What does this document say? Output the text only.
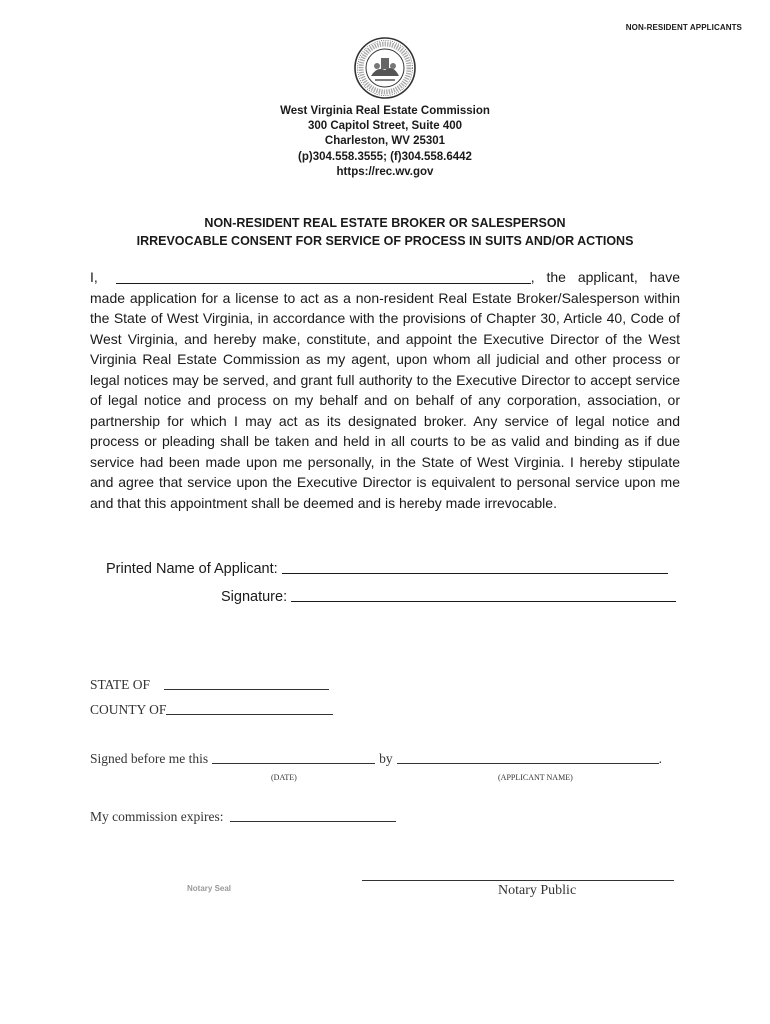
NON-RESIDENT APPLICANTS
West Virginia Real Estate Commission
300 Capitol Street, Suite 400
Charleston, WV 25301
(p)304.558.3555; (f)304.558.6442
https://rec.wv.gov
NON-RESIDENT REAL ESTATE BROKER OR SALESPERSON
IRREVOCABLE CONSENT FOR SERVICE OF PROCESS IN SUITS AND/OR ACTIONS
I,	, the applicant, have made application for a license to act as a non-resident Real Estate Broker/Salesperson within the State of West Virginia, in accordance with the provisions of Chapter 30, Article 40, Code of West Virginia, and hereby make, constitute, and appoint the Executive Director of the West Virginia Real Estate Commission as my agent, upon whom all judicial and other process or legal notices may be served, and grant full authority to the Executive Director to accept service of legal notice and process on my behalf and on behalf of any corporation, association, or partnership for which I may act as its designated broker. Any service of legal notice and process or pleading shall be taken and held in all courts to be as valid and binding as if due service had been made upon me personally, in the State of West Virginia. I hereby stipulate and agree that service upon the Executive Director is equivalent to personal service upon me and that this appointment shall be deemed and is hereby made irrevocable.
Printed Name of Applicant:
Signature:
STATE OF
COUNTY OF
Signed before me this	by	.
(DATE)	(APPLICANT NAME)
My commission expires:
Notary Seal	Notary Public
